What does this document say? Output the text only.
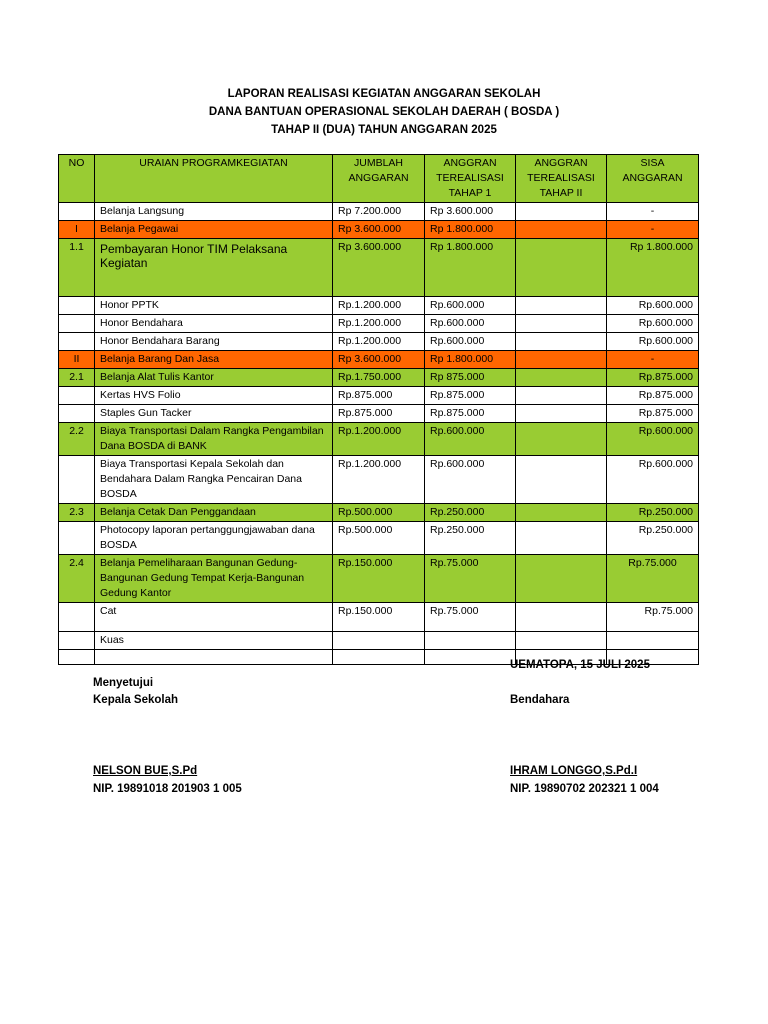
LAPORAN REALISASI KEGIATAN ANGGARAN SEKOLAH
DANA BANTUAN OPERASIONAL SEKOLAH DAERAH ( BOSDA )
TAHAP II (DUA) TAHUN ANGGARAN 2025
NO	URAIAN PROGRAMKEGIATAN	JUMBLAH ANGGARAN	ANGGRAN TEREALISASI TAHAP 1	ANGGRAN TEREALISASI TAHAP II	SISA ANGGARAN
	Belanja Langsung	Rp 7.200.000	Rp 3.600.000		-
I	Belanja Pegawai	Rp 3.600.000	Rp 1.800.000		-
1.1	Pembayaran Honor TIM Pelaksana Kegiatan	Rp 3.600.000	Rp 1.800.000		Rp 1.800.000
	Honor PPTK	Rp.1.200.000	Rp.600.000		Rp.600.000
	Honor Bendahara	Rp.1.200.000	Rp.600.000		Rp.600.000
	Honor Bendahara Barang	Rp.1.200.000	Rp.600.000		Rp.600.000
II	Belanja Barang Dan Jasa	Rp 3.600.000	Rp 1.800.000		-
2.1	Belanja Alat Tulis Kantor	Rp.1.750.000	Rp 875.000		Rp.875.000
	Kertas HVS Folio	Rp.875.000	Rp.875.000		Rp.875.000
	Staples Gun Tacker	Rp.875.000	Rp.875.000		Rp.875.000
2.2	Biaya Transportasi Dalam Rangka Pengambilan Dana BOSDA di BANK	Rp.1.200.000	Rp.600.000		Rp.600.000
	Biaya Transportasi Kepala Sekolah dan Bendahara Dalam Rangka Pencairan Dana BOSDA	Rp.1.200.000	Rp.600.000		Rp.600.000
2.3	Belanja Cetak Dan Penggandaan	Rp.500.000	Rp.250.000		Rp.250.000
	Photocopy laporan pertanggungjawaban dana BOSDA	Rp.500.000	Rp.250.000		Rp.250.000
2.4	Belanja Pemeliharaan Bangunan Gedung-Bangunan Gedung Tempat Kerja-Bangunan Gedung Kantor	Rp.150.000	Rp.75.000		Rp.75.000
	Cat	Rp.150.000	Rp.75.000		Rp.75.000
	Kuas				

UEMATOPA, 15 JULI 2025
Menyetujui
Kepala Sekolah	Bendahara
NELSON BUE,S.Pd
NIP. 19891018 201903 1 005
IHRAM LONGGO,S.Pd.I
NIP. 19890702 202321 1 004
